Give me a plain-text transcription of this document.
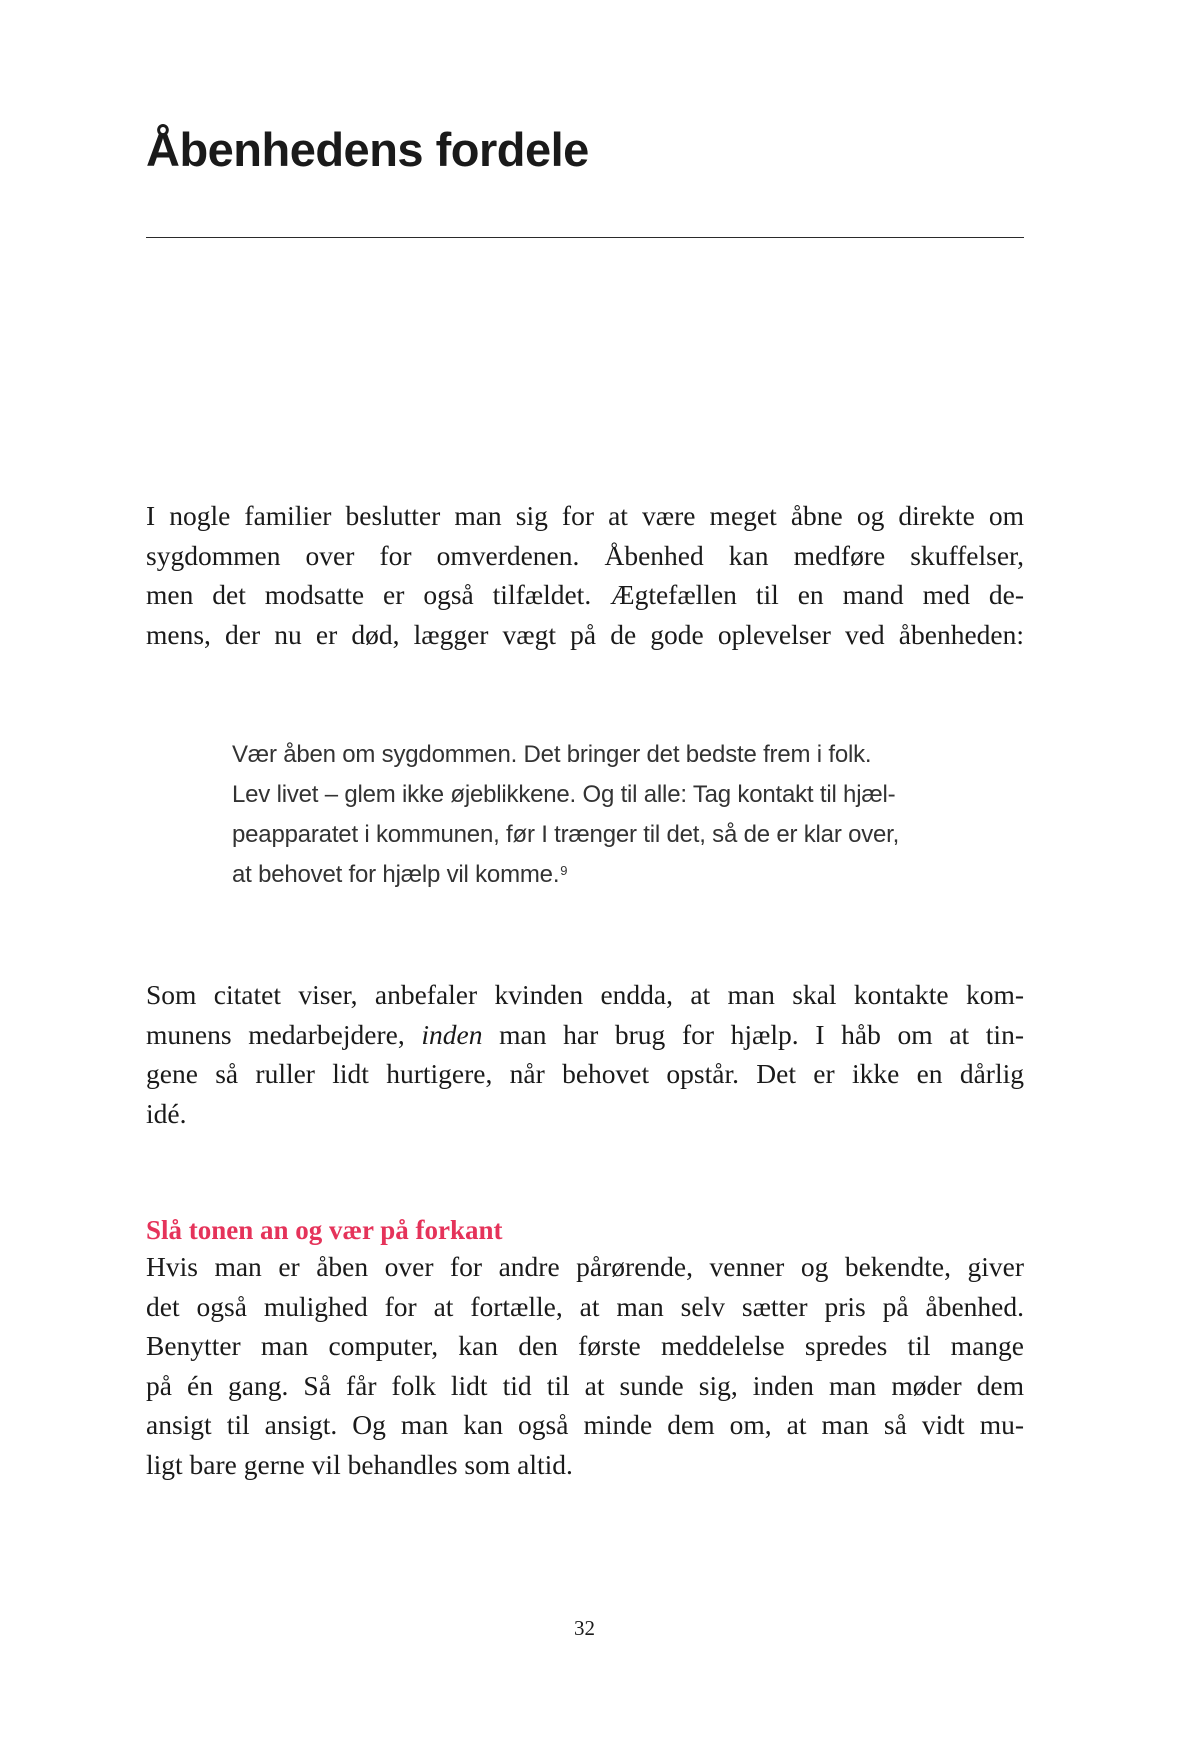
Åbenhedens fordele

I nogle familier beslutter man sig for at være meget åbne og direkte om
sygdommen over for omverdenen. Åbenhed kan medføre skuffelser,
men det modsatte er også tilfældet. Ægtefællen til en mand med de-
mens, der nu er død, lægger vægt på de gode oplevelser ved åbenheden:

Vær åben om sygdommen. Det bringer det bedste frem i folk.
Lev livet – glem ikke øjeblikkene. Og til alle: Tag kontakt til hjæl-
peapparatet i kommunen, før I trænger til det, så de er klar over,
at behovet for hjælp vil komme.$^9$

Som citatet viser, anbefaler kvinden endda, at man skal kontakte kom-
munens medarbejdere, inden man har brug for hjælp. I håb om at tin-
gene så ruller lidt hurtigere, når behovet opstår. Det er ikke en dårlig
idé.

Slå tonen an og vær på forkant

Hvis man er åben over for andre pårørende, venner og bekendte, giver
det også mulighed for at fortælle, at man selv sætter pris på åbenhed.
Benytter man computer, kan den første meddelelse spredes til mange
på én gang. Så får folk lidt tid til at sunde sig, inden man møder dem
ansigt til ansigt. Og man kan også minde dem om, at man så vidt mu-
ligt bare gerne vil behandles som altid.

32
